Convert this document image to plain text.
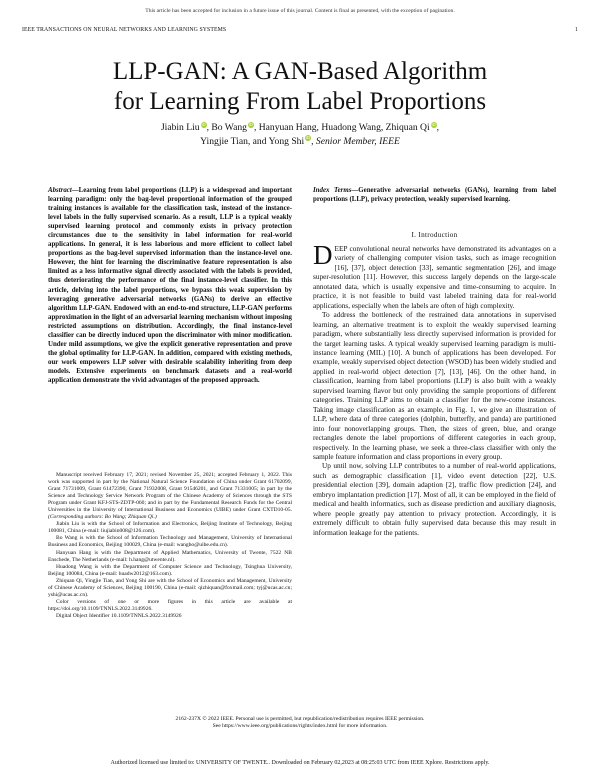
This article has been accepted for inclusion in a future issue of this journal. Content is final as presented, with the exception of pagination.
IEEE TRANSACTIONS ON NEURAL NETWORKS AND LEARNING SYSTEMS	1
LLP-GAN: A GAN-Based Algorithm
for Learning From Label Proportions
Jiabin Liu iD, Bo Wang iD, Hanyuan Hang, Huadong Wang, Zhiquan Qi iD,
Yingjie Tian, and Yong Shi iD, Senior Member, IEEE
Abstract—Learning from label proportions (LLP) is a widespread and important learning paradigm: only the bag-level proportional information of the grouped training instances is available for the classification task, instead of the instance-level labels in the fully supervised scenario. As a result, LLP is a typical weakly supervised learning protocol and commonly exists in privacy protection circumstances due to the sensitivity in label information for real-world applications. In general, it is less laborious and more efficient to collect label proportions as the bag-level supervised information than the instance-level one. However, the hint for learning the discriminative feature representation is also limited as a less informative signal directly associated with the labels is provided, thus deteriorating the performance of the final instance-level classifier. In this article, delving into the label proportions, we bypass this weak supervision by leveraging generative adversarial networks (GANs) to derive an effective algorithm LLP-GAN. Endowed with an end-to-end structure, LLP-GAN performs approximation in the light of an adversarial learning mechanism without imposing restricted assumptions on distribution. Accordingly, the final instance-level classifier can be directly induced upon the discriminator with minor modification. Under mild assumptions, we give the explicit generative representation and prove the global optimality for LLP-GAN. In addition, compared with existing methods, our work empowers LLP solver with desirable scalability inheriting from deep models. Extensive experiments on benchmark datasets and a real-world application demonstrate the vivid advantages of the proposed approach.

Manuscript received February 17, 2021; revised November 25, 2021; accepted February 1, 2022. This work was supported in part by the National Natural Science Foundation of China under Grant 61702099, Grant 71731009, Grant 61472390, Grant 71932008, Grant 91546201, and Grant 71331005; in part by the Science and Technology Service Network Program of the Chinese Academy of Sciences through the STS Program under Grant KFJ-STS-ZDTP-060; and in part by the Fundamental Research Funds for the Central Universities in the University of International Business and Economics (UIBE) under Grant CXTD10-05. (Corresponding authors: Bo Wang; Zhiquan Qi.)

Jiabin Liu is with the School of Information and Electronics, Beijing Institute of Technology, Beijing 100081, China (e-mail: liujiabin008@126.com).

Bo Wang is with the School of Information Technology and Management, University of International Business and Economics, Beijing 100029, China (e-mail: wangbo@uibe.edu.cn).

Hanyuan Hang is with the Department of Applied Mathematics, University of Twente, 7522 NB Enschede, The Netherlands (e-mail: h.hang@utwente.nl).

Huadong Wang is with the Department of Computer Science and Technology, Tsinghua University, Beijing 100084, China (e-mail: huadw2012@163.com).

Zhiquan Qi, Yingjie Tian, and Yong Shi are with the School of Economics and Management, University of Chinese Academy of Sciences, Beijing 100190, China (e-mail: qizhiquan@foxmail.com; tyj@ucas.ac.cn; yshi@ucas.ac.cn).

Color versions of one or more figures in this article are available at https://doi.org/10.1109/TNNLS.2022.3149926.

Digital Object Identifier 10.1109/TNNLS.2022.3149926

Index Terms—Generative adversarial networks (GANs), learning from label proportions (LLP), privacy protection, weakly supervised learning.
I. Introduction

DEEP convolutional neural networks have demonstrated its advantages on a variety of challenging computer vision tasks, such as image recognition [16], [37], object detection [33], semantic segmentation [26], and image super-resolution [11]. However, this success largely depends on the large-scale annotated data, which is usually expensive and time-consuming to acquire. In practice, it is not feasible to build vast labeled training data for real-world applications, especially when the labels are often of high complexity.

To address the bottleneck of the restrained data annotations in supervised learning, an alternative treatment is to exploit the weakly supervised learning paradigm, where substantially less directly supervised information is provided for the target learning tasks. A typical weakly supervised learning paradigm is multi-instance learning (MIL) [10]. A bunch of applications has been developed. For example, weakly supervised object detection (WSOD) has been widely studied and applied in real-world object detection [7], [13], [46]. On the other hand, in classification, learning from label proportions (LLP) is also built with a weakly supervised learning flavor but only providing the sample proportions of different categories. Training LLP aims to obtain a classifier for the new-come instances. Taking image classification as an example, in Fig. 1, we give an illustration of LLP, where data of three categories (dolphin, butterfly, and panda) are partitioned into four nonoverlapping groups. Then, the sizes of green, blue, and orange rectangles denote the label proportions of different categories in each group, respectively. In the learning phase, we seek a three-class classifier with only the sample feature information and class proportions in every group.

Up until now, solving LLP contributes to a number of real-world applications, such as demographic classification [1], video event detection [22], U.S. presidential election [39], domain adaption [2], traffic flow prediction [24], and embryo implantation prediction [17]. Most of all, it can be employed in the field of medical and health informatics, such as disease prediction and auxiliary diagnosis, where people greatly pay attention to privacy protection. Accordingly, it is extremely difficult to obtain fully supervised data because this may result in information leakage for the patients.

2162-237X © 2022 IEEE. Personal use is permitted, but republication/redistribution requires IEEE permission.
See https://www.ieee.org/publications/rights/index.html for more information.
Authorized licensed use limited to: UNIVERSITY OF TWENTE.. Downloaded on February 02,2023 at 08:25:03 UTC from IEEE Xplore. Restrictions apply.
